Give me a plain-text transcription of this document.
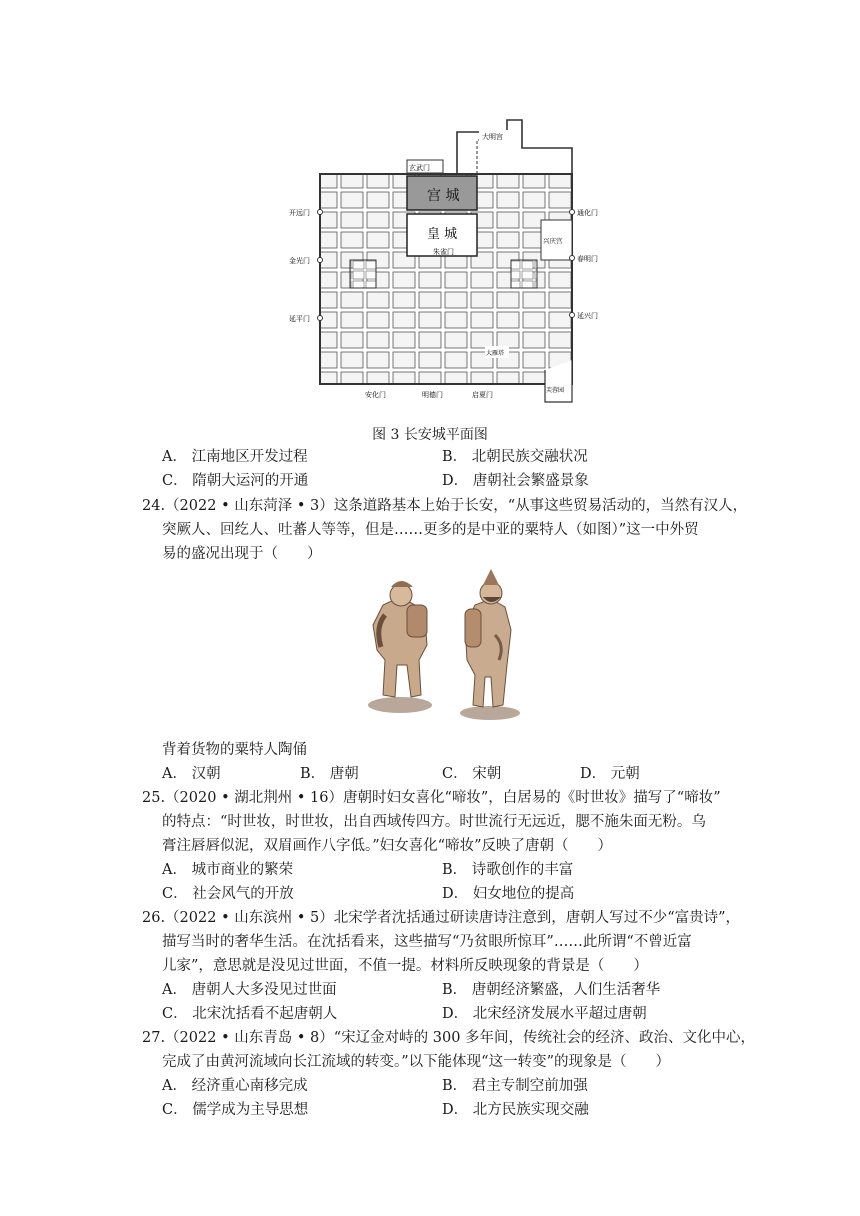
大明宫
宫 城
玄武门
皇 城
朱雀门
兴庆宫
芙蓉园
大雁塔
开远门
金光门
延平门
通化门
春明门
延兴门
安化门	明德门	启夏门
图 3 长安城平面图
A． 江南地区开发过程	B． 北朝民族交融状况
C． 隋朝大运河的开通	D． 唐朝社会繁盛景象
24.（2022 • 山东菏泽 • 3）这条道路基本上始于长安，“从事这些贸易活动的，当然有汉人，
突厥人、回纥人、吐蕃人等等，但是……更多的是中亚的粟特人（如图）”这一中外贸
易的盛况出现于（　　）
背着货物的粟特人陶俑
A． 汉朝	B． 唐朝	C． 宋朝	D． 元朝
25.（2020 • 湖北荆州 • 16）唐朝时妇女喜化“啼妆”，白居易的《时世妆》描写了“啼妆”
的特点：“时世妆，时世妆，出自西域传四方。时世流行无远近，腮不施朱面无粉。乌
膏注唇唇似泥，双眉画作八字低。”妇女喜化“啼妆”反映了唐朝（　　）
A． 城市商业的繁荣	B． 诗歌创作的丰富
C． 社会风气的开放	D． 妇女地位的提高
26.（2022 • 山东滨州 • 5）北宋学者沈括通过研读唐诗注意到，唐朝人写过不少“富贵诗”，
描写当时的奢华生活。在沈括看来，这些描写“乃贫眼所惊耳”……此所谓“不曾近富
儿家”，意思就是没见过世面，不值一提。材料所反映现象的背景是（　　）
A． 唐朝人大多没见过世面	B． 唐朝经济繁盛，人们生活奢华
C． 北宋沈括看不起唐朝人	D． 北宋经济发展水平超过唐朝
27.（2022 • 山东青岛 • 8）“宋辽金对峙的 300 多年间，传统社会的经济、政治、文化中心，
完成了由黄河流域向长江流域的转变。”以下能体现“这一转变”的现象是（　　）
A． 经济重心南移完成	B． 君主专制空前加强
C． 儒学成为主导思想	D． 北方民族实现交融
